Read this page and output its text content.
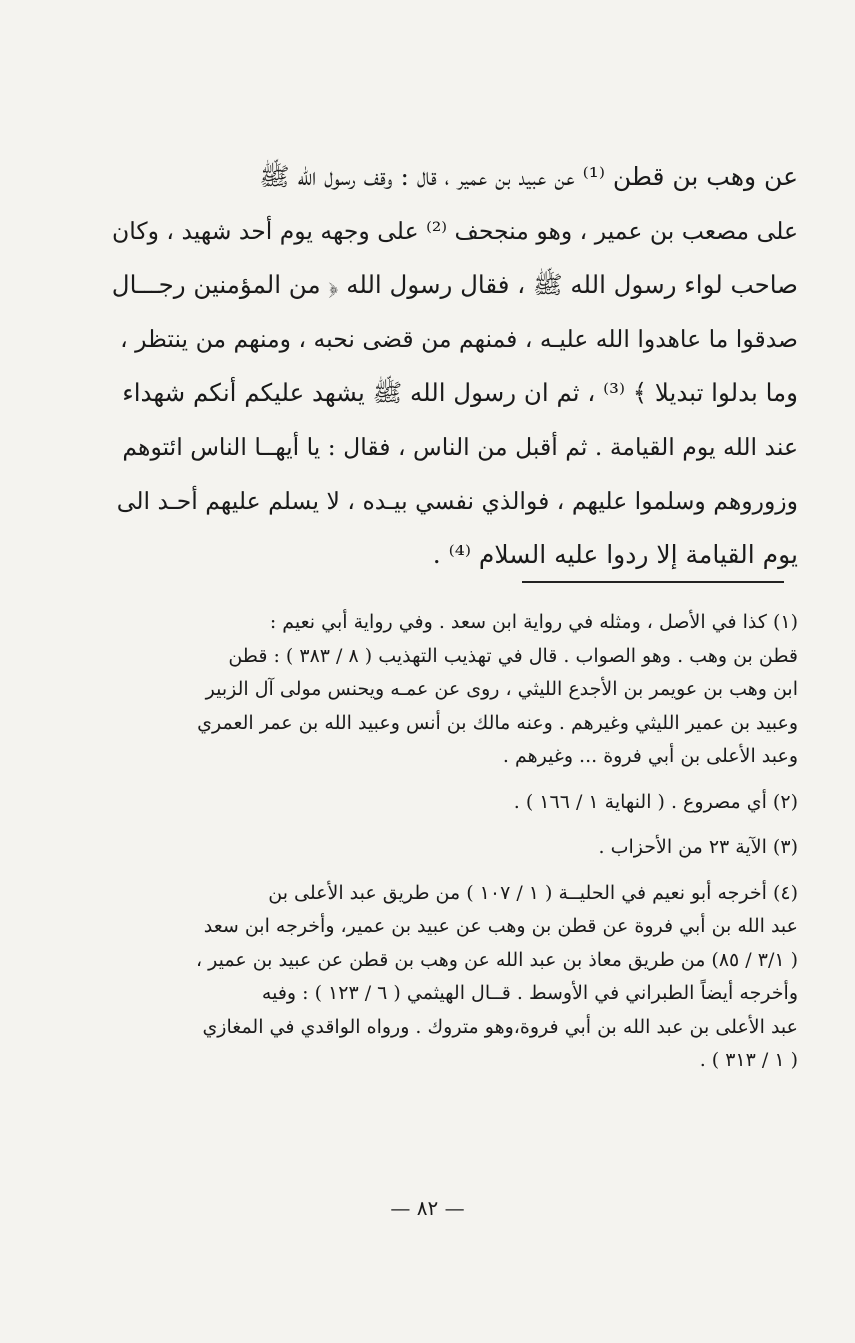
عن وهب بن قطن ⁽¹⁾ عن عبيد بن عمير ، قال : وقف رسول الله ﷺ
على مصعب بن عمير ، وهو منجحف ⁽²⁾ على وجهه يوم أحد شهيد ، وكان
صاحب لواء رسول الله ﷺ ، فقال رسول الله ﴿ من المؤمنين رجـــال
صدقوا ما عاهدوا الله عليـه ، فمنهم من قضى نحبه ، ومنهم من ينتظر ،
وما بدلوا تبديلا ﴾ ⁽³⁾ ، ثم ان رسول الله ﷺ يشهد عليكم أنكم شهداء
عند الله يوم القيامة . ثم أقبل من الناس ، فقال : يا أيهــا الناس ائتوهم
وزوروهم وسلموا عليهم ، فوالذي نفسي بيـده ، لا يسلم عليهم أحـد الى
يوم القيامة إلا ردوا عليه السلام ⁽⁴⁾ .
(١) كذا في الأصل ، ومثله في رواية ابن سعد . وفي رواية أبي نعيم :
قطن بن وهب . وهو الصواب . قال في تهذيب التهذيب ( ٨ / ٣٨٣ ) : قطن
ابن وهب بن عويمر بن الأجدع الليثي ، روى عن عمـه ويحنس مولى آل الزبير
وعبيد بن عمير الليثي وغيرهم . وعنه مالك بن أنس وعبيد الله بن عمر العمري
وعبد الأعلى بن أبي فروة ... وغيرهم .
(٢) أي مصروع . ( النهاية ١ / ١٦٦ ) .
(٣) الآية ٢٣ من الأحزاب .
(٤) أخرجه أبو نعيم في الحليــة ( ١ / ١٠٧ ) من طريق عبد الأعلى بن
عبد الله بن أبي فروة عن قطن بن وهب عن عبيد بن عمير، وأخرجه ابن سعد
( ٣/١ / ٨٥) من طريق معاذ بن عبد الله عن وهب بن قطن عن عبيد بن عمير ،
وأخرجه أيضاً الطبراني في الأوسط . قــال الهيثمي ( ٦ / ١٢٣ ) : وفيه
عبد الأعلى بن عبد الله بن أبي فروة،وهو متروك . ورواه الواقدي في المغازي
( ١ / ٣١٣ ) .
— ٨٢ —
